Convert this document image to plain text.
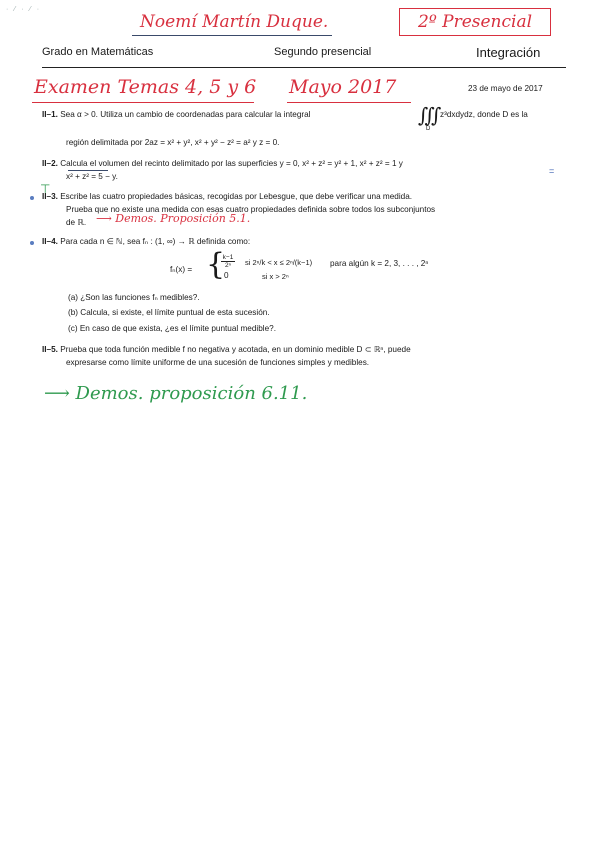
· ⁄ · ⁄ ·
Noemí Martín Duque.	2º Presencial
Grado en Matemáticas	Segundo presencial	Integración
Examen Temas 4, 5 y 6 Mayo 2017	23 de mayo de 2017
II–1. Sea α > 0. Utiliza un cambio de coordenadas para calcular la integral	∭
D
z³dxdydz, donde D es la
región delimitada por 2az = x² + y², x² + y² − z² = a² y z = 0.
II–2. Calcula el volumen del recinto delimitado por las superficies y = 0, x² + z² = y² + 1, x² + z² = 1 y
x² + z² = 5 − y.
=
⊤
II–3. Escribe las cuatro propiedades básicas, recogidas por Lebesgue, que debe verificar una medida.
Prueba que no existe una medida con esas cuatro propiedades definida sobre todos los subconjuntos
de ℝ. ⟶ Demos. Proposición 5.1.
II–4. Para cada n ∈ ℕ, sea fₙ : (1, ∞) → ℝ definida como:
fₙ(x) = {
$\frac{k-1}{\text{2ⁿ}}$ si 2ⁿ/k < x ≤ 2ⁿ/(k−1)
0	si x > 2ⁿ
para algún k = 2, 3, . . . , 2ⁿ
(a) ¿Son las funciones fₙ medibles?.
(b) Calcula, si existe, el límite puntual de esta sucesión.
(c) En caso de que exista, ¿es el límite puntual medible?.
II–5. Prueba que toda función medible f no negativa y acotada, en un dominio medible D ⊂ ℝⁿ, puede
expresarse como límite uniforme de una sucesión de funciones simples y medibles.
⟶ Demos. proposición 6.11.
